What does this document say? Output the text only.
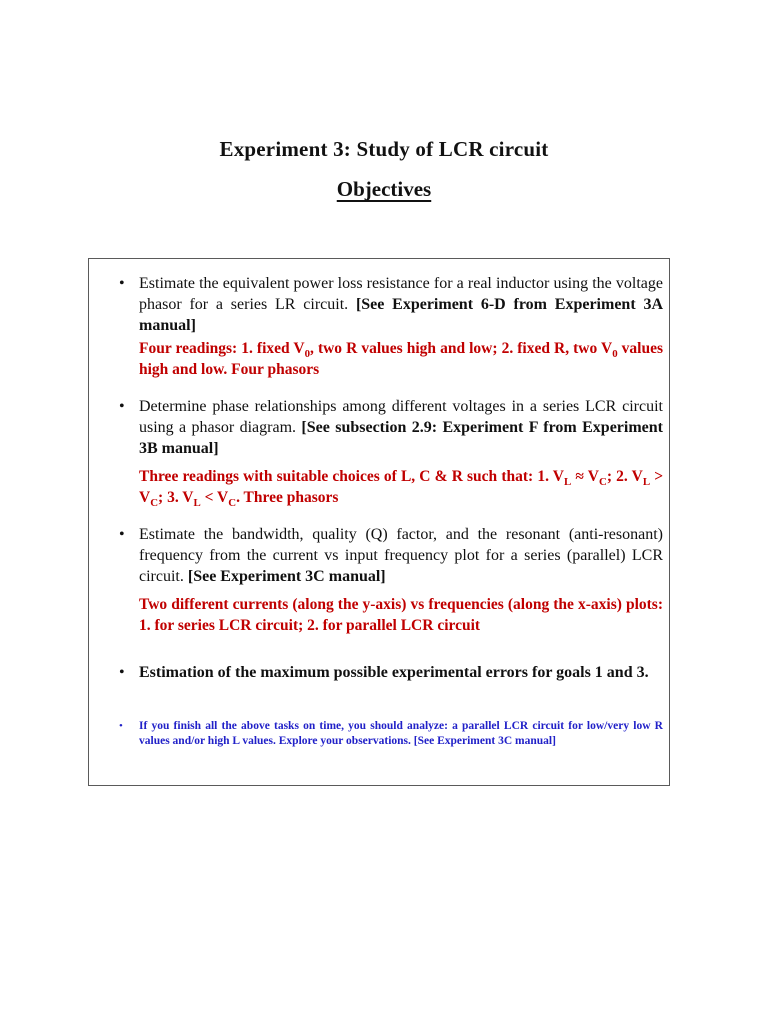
Experiment 3: Study of LCR circuit
Objectives
• Estimate the equivalent power loss resistance for a real inductor using the voltage phasor for a series LR circuit. [See Experiment 6-D from Experiment 3A manual]

Four readings: 1. fixed $V_0$, two R values high and low; 2. fixed R, two $V_0$ values high and low. Four phasors

• Determine phase relationships among different voltages in a series LCR circuit using a phasor diagram. [See subsection 2.9: Experiment F from Experiment 3B manual]

Three readings with suitable choices of L, C & R such that: 1. $V_L \approx V_C$; 2. $V_L > V_C$; 3. $V_L < V_C$. Three phasors

• Estimate the bandwidth, quality (Q) factor, and the resonant (anti-resonant) frequency from the current vs input frequency plot for a series (parallel) LCR circuit. [See Experiment 3C manual]

Two different currents (along the y-axis) vs frequencies (along the x-axis) plots: 1. for series LCR circuit; 2. for parallel LCR circuit

• Estimation of the maximum possible experimental errors for goals 1 and 3.

•	If you finish all the above tasks on time, you should analyze: a parallel LCR circuit for low/very low R values and/or high L values. Explore your observations. [See Experiment 3C manual]
